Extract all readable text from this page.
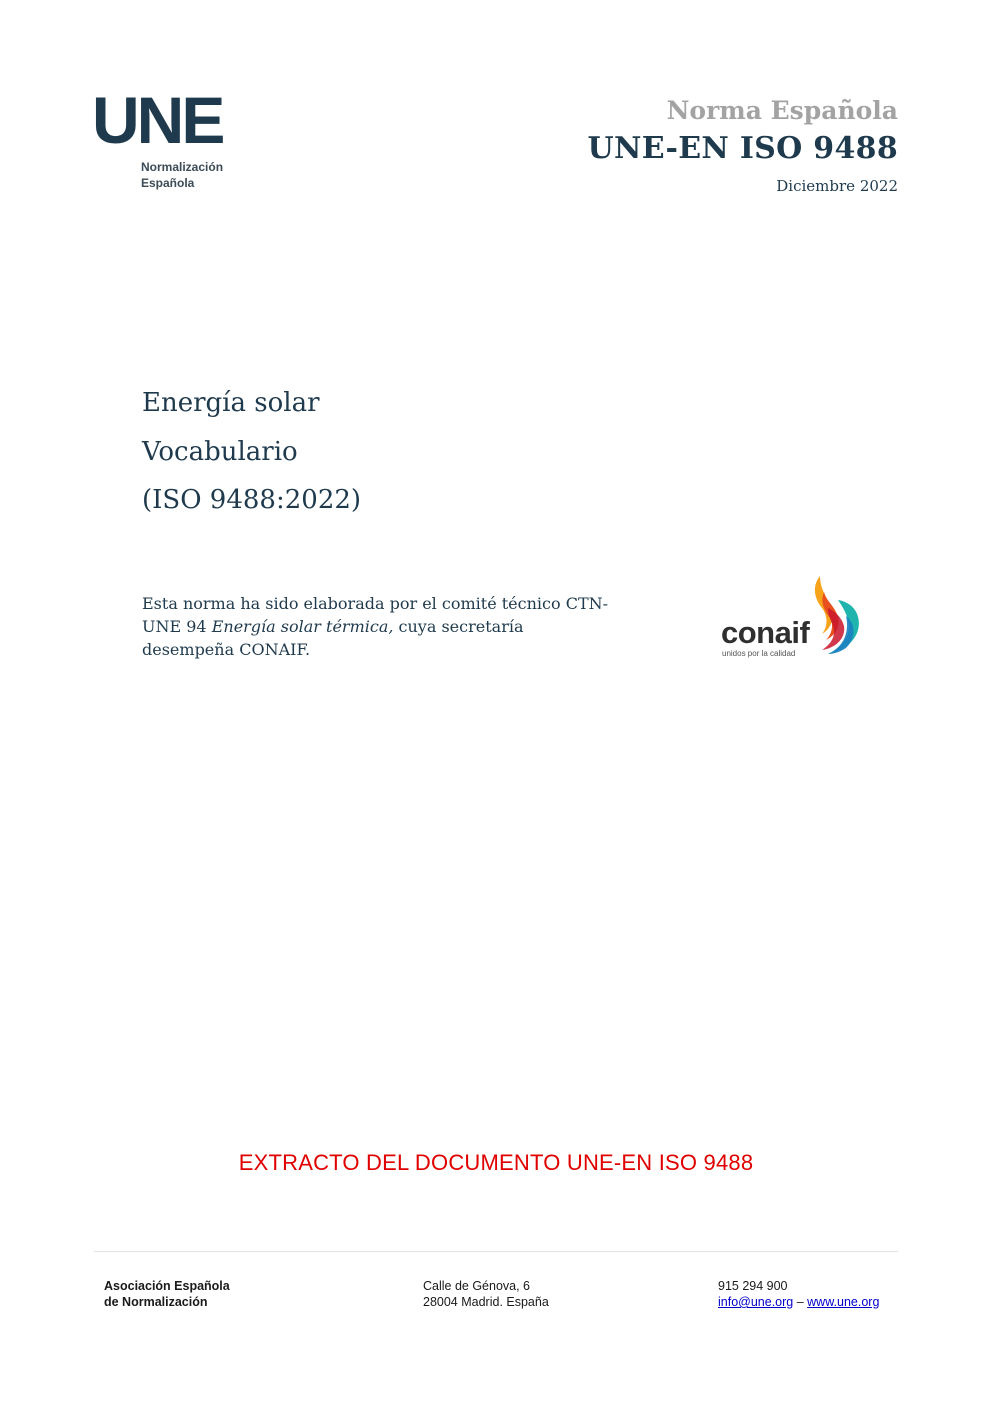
UNE
Normalización
Española
Norma Española
UNE-EN ISO 9488
Diciembre 2022
Energía solar
Vocabulario
(ISO 9488:2022)
Esta norma ha sido elaborada por el comité técnico CTN-UNE 94 Energía solar térmica, cuya secretaría desempeña CONAIF.	conaif
unidos por la calidad
EXTRACTO DEL DOCUMENTO UNE-EN ISO 9488
Asociación Española
de Normalización
Calle de Génova, 6
28004 Madrid. España
915 294 900
info@une.org – www.une.org
